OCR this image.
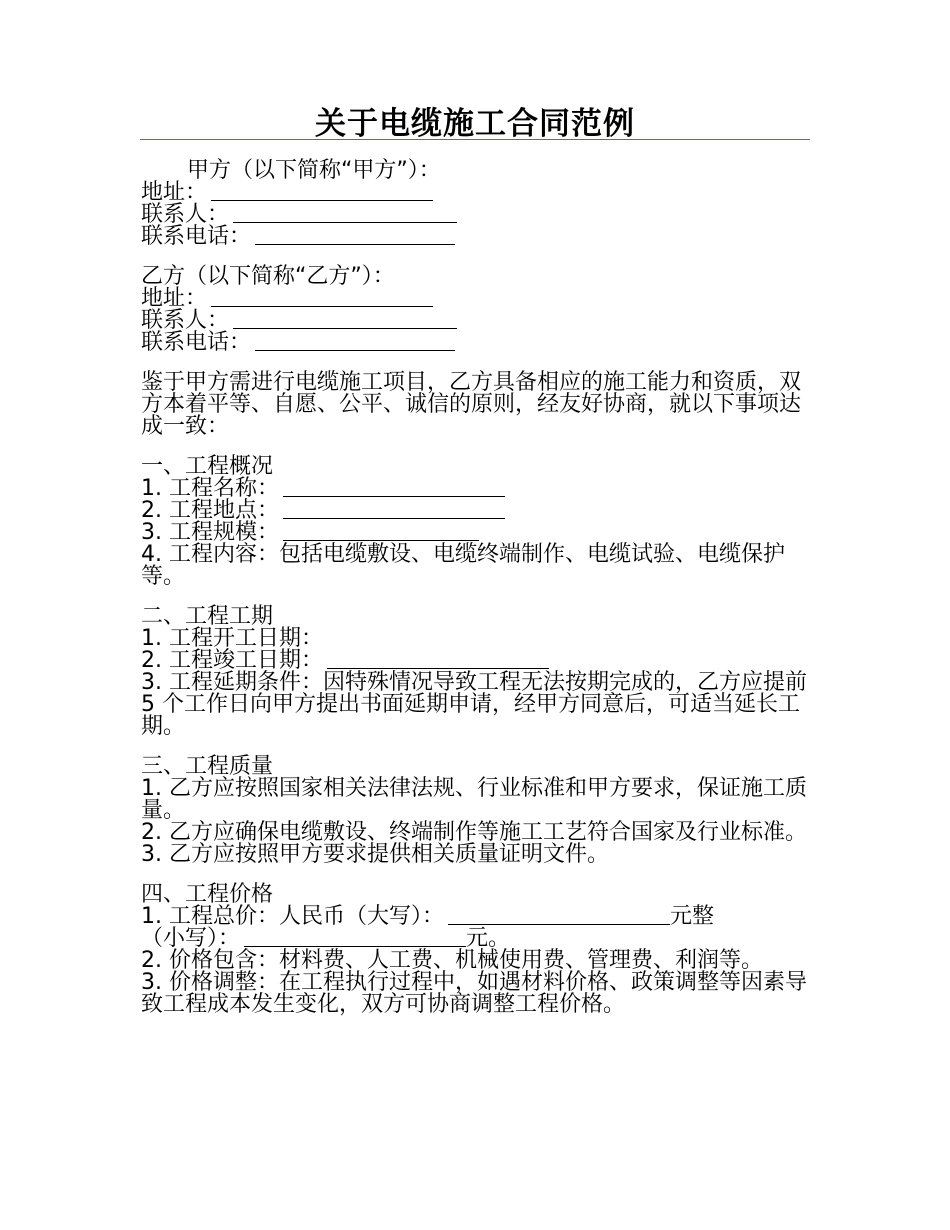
关于电缆施工合同范例

甲方（以下简称“甲方”）：

地址：

联系人：

联系电话：

乙方（以下简称“乙方”）：

地址：

联系人：

联系电话：

鉴于甲方需进行电缆施工项目，乙方具备相应的施工能力和资质，双方本着平等、自愿、公平、诚信的原则，经友好协商，就以下事项达成一致：

一、工程概况

1. 工程名称：

2. 工程地点：

3. 工程规模：

4. 工程内容：包括电缆敷设、电缆终端制作、电缆试验、电缆保护等。

二、工程工期

1. 工程开工日期：

2. 工程竣工日期：

3. 工程延期条件：因特殊情况导致工程无法按期完成的，乙方应提前 5 个工作日向甲方提出书面延期申请，经甲方同意后，可适当延长工期。

三、工程质量

1. 乙方应按照国家相关法律法规、行业标准和甲方要求，保证施工质量。

2. 乙方应确保电缆敷设、终端制作等施工工艺符合国家及行业标准。

3. 乙方应按照甲方要求提供相关质量证明文件。

四、工程价格

1. 工程总价：人民币（大写）：	元整

（小写）：	元。

2. 价格包含：材料费、人工费、机械使用费、管理费、利润等。

3. 价格调整：在工程执行过程中，如遇材料价格、政策调整等因素导致工程成本发生变化，双方可协商调整工程价格。
